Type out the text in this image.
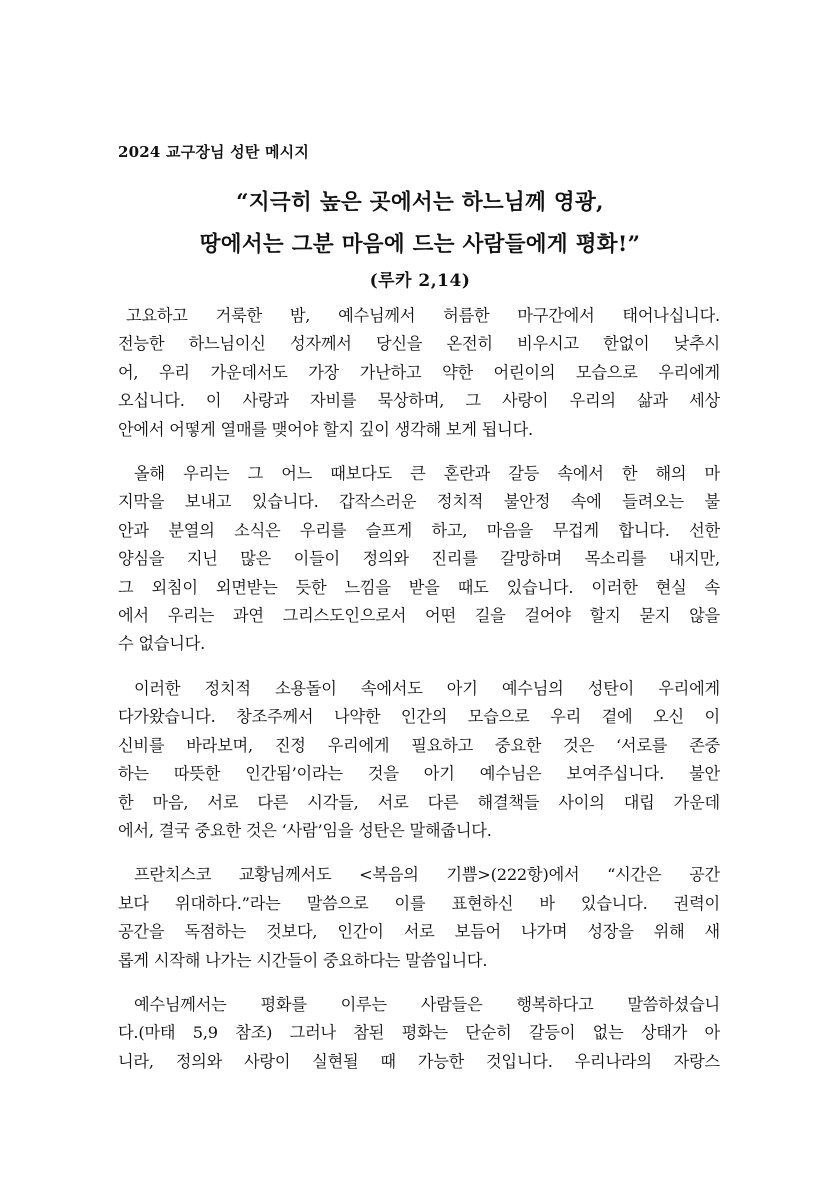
2024 교구장님 성탄 메시지
“지극히 높은 곳에서는 하느님께 영광,
땅에서는 그분 마음에 드는 사람들에게 평화!”
(루카 2,14)
고요하고 거룩한 밤, 예수님께서 허름한 마구간에서 태어나십니다.
전능한 하느님이신 성자께서 당신을 온전히 비우시고 한없이 낮추시
어, 우리 가운데서도 가장 가난하고 약한 어린이의 모습으로 우리에게
오십니다. 이 사랑과 자비를 묵상하며, 그 사랑이 우리의 삶과 세상
안에서 어떻게 열매를 맺어야 할지 깊이 생각해 보게 됩니다.
올해 우리는 그 어느 때보다도 큰 혼란과 갈등 속에서 한 해의 마
지막을 보내고 있습니다. 갑작스러운 정치적 불안정 속에 들려오는 불
안과 분열의 소식은 우리를 슬프게 하고, 마음을 무겁게 합니다. 선한
양심을 지닌 많은 이들이 정의와 진리를 갈망하며 목소리를 내지만,
그 외침이 외면받는 듯한 느낌을 받을 때도 있습니다. 이러한 현실 속
에서 우리는 과연 그리스도인으로서 어떤 길을 걸어야 할지 묻지 않을
수 없습니다.
이러한 정치적 소용돌이 속에서도 아기 예수님의 성탄이 우리에게
다가왔습니다. 창조주께서 나약한 인간의 모습으로 우리 곁에 오신 이
신비를 바라보며, 진정 우리에게 필요하고 중요한 것은 ‘서로를 존중
하는 따뜻한 인간됨’이라는 것을 아기 예수님은 보여주십니다. 불안
한 마음, 서로 다른 시각들, 서로 다른 해결책들 사이의 대립 가운데
에서, 결국 중요한 것은 ‘사람’임을 성탄은 말해줍니다.
프란치스코 교황님께서도 <복음의 기쁨>(222항)에서 “시간은 공간
보다 위대하다.”라는 말씀으로 이를 표현하신 바 있습니다. 권력이
공간을 독점하는 것보다, 인간이 서로 보듬어 나가며 성장을 위해 새
롭게 시작해 나가는 시간들이 중요하다는 말씀입니다.
예수님께서는 평화를 이루는 사람들은 행복하다고 말씀하셨습니
다.(마태 5,9 참조) 그러나 참된 평화는 단순히 갈등이 없는 상태가 아
니라, 정의와 사랑이 실현될 때 가능한 것입니다. 우리나라의 자랑스
